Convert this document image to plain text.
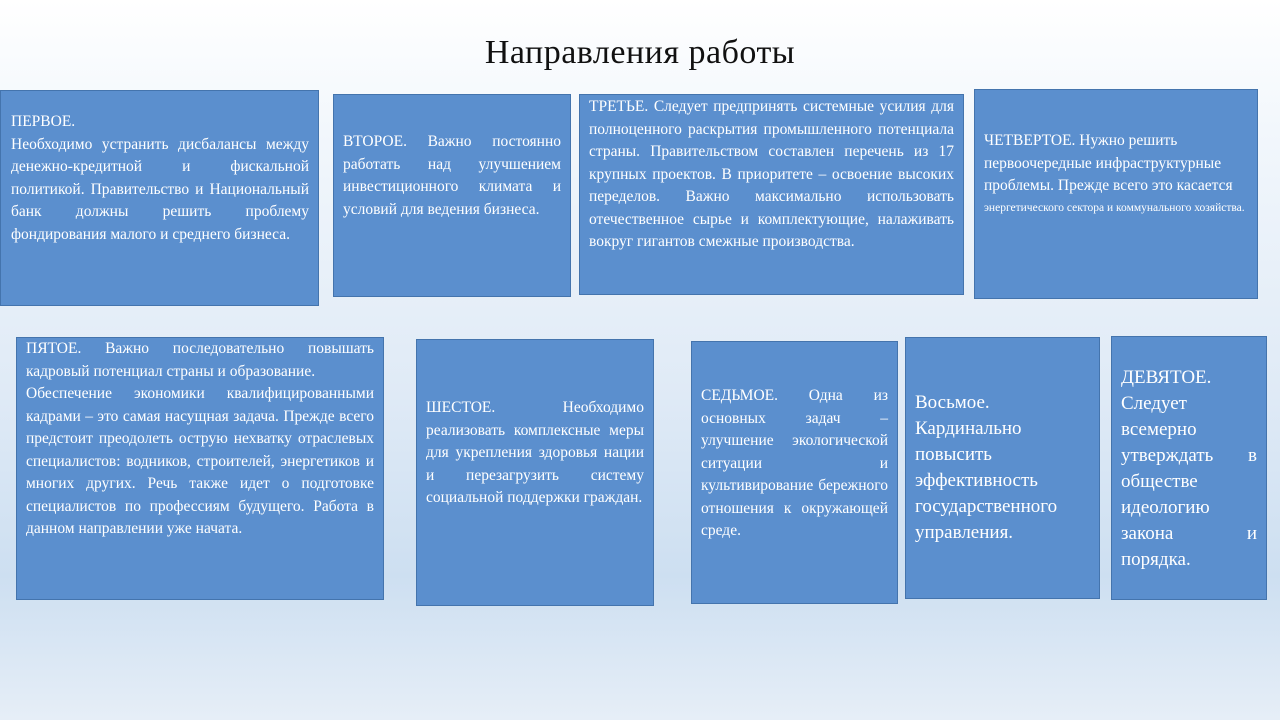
Направления работы
ПЕРВОЕ.
Необходимо устранить дисбалансы между денежно-кредитной и фискальной политикой. Правительство и Национальный банк должны решить проблему фондирования малого и среднего бизнеса.
ВТОРОЕ. Важно постоянно работать над улучшением инвестиционного климата и условий для ведения бизнеса.
ТРЕТЬЕ. Следует предпринять системные усилия для полноценного раскрытия промышленного потенциала страны. Правительством составлен перечень из 17 крупных проектов. В приоритете – освоение высоких переделов. Важно максимально использовать отечественное сырье и комплектующие, налаживать вокруг гигантов смежные производства.
ЧЕТВЕРТОЕ. Нужно решить первоочередные инфраструктурные проблемы. Прежде всего это касается
энергетического сектора и коммунального хозяйства.
ПЯТОЕ. Важно последовательно повышать кадровый потенциал страны и образование.
Обеспечение экономики квалифицированными кадрами – это самая насущная задача. Прежде всего предстоит преодолеть острую нехватку отраслевых специалистов: водников, строителей, энергетиков и многих других. Речь также идет о подготовке специалистов по профессиям будущего. Работа в данном направлении уже начата.
ШЕСТОЕ. Необходимо реализовать комплексные меры для укрепления здоровья нации и перезагрузить систему социальной поддержки граждан.
СЕДЬМОЕ. Одна из основных задач – улучшение экологической ситуации и культивирование бережного отношения к окружающей среде.
Восьмое.
Кардинально повысить эффективность государственного управления.
ДЕВЯТОЕ. Следует всемерно утверждать в обществе идеологию закона и порядка.
